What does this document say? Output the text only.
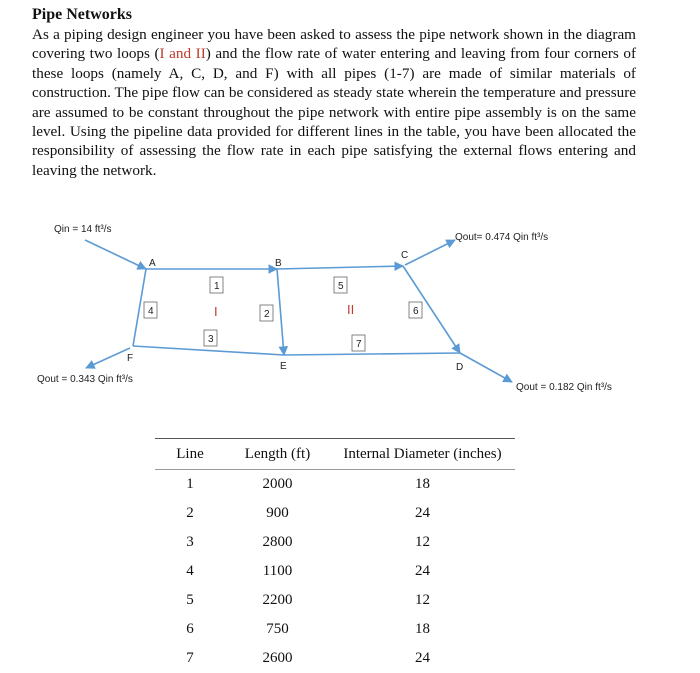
Pipe Networks
As a piping design engineer you have been asked to assess the pipe network shown in the diagram covering two loops (I and II) and the flow rate of water entering and leaving from four corners of these loops (namely A, C, D, and F) with all pipes (1-7) are made of similar materials of construction. The pipe flow can be considered as steady state wherein the temperature and pressure are assumed to be constant throughout the pipe network with entire pipe assembly is on the same level. Using the pipeline data provided for different lines in the table, you have been allocated the responsibility of assessing the flow rate in each pipe satisfying the external flows entering and leaving the network.
A	B
C
D
E
F
1
4	2
3
5
6
7
I	II
Qin = 14 ft³/s
Qout= 0.474 Qin ft³/s
Qout = 0.343 Qin ft³/s
Qout = 0.182 Qin ft³/s
Line	Length (ft)	Internal Diameter (inches)
1	2000	18
2	900	24
3	2800	12
4	1100	24
5	2200	12
6	750	18
7	2600	24
